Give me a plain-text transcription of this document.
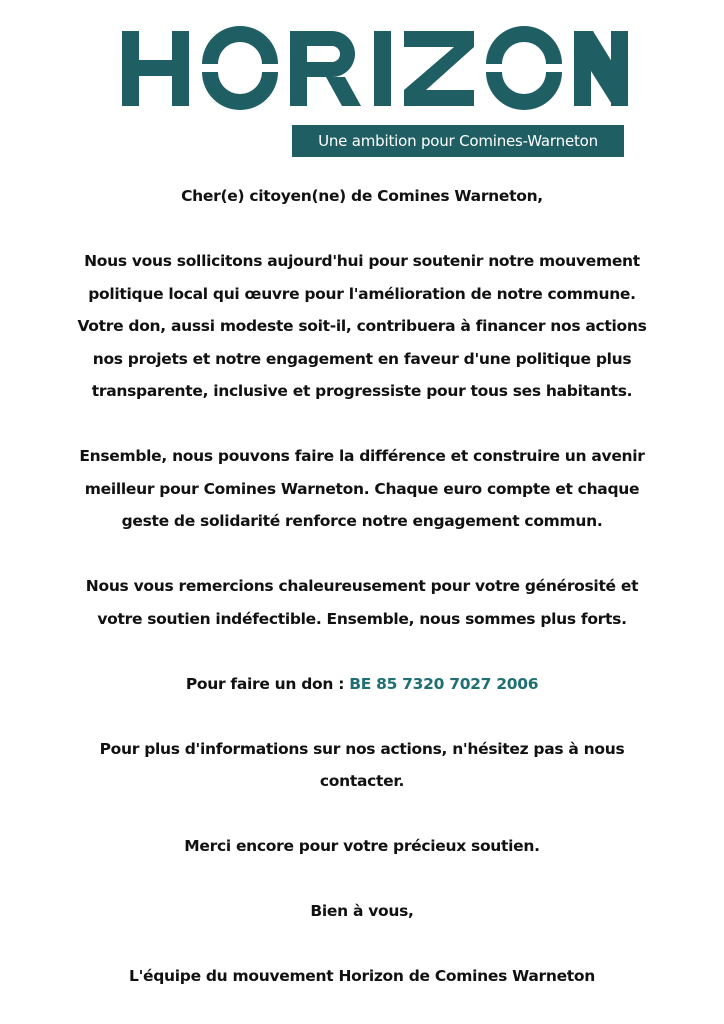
Une ambition pour Comines-Warneton

Cher(e) citoyen(ne) de Comines Warneton,

Nous vous sollicitons aujourd'hui pour soutenir notre mouvement
politique local qui œuvre pour l'amélioration de notre commune.
Votre don, aussi modeste soit-il, contribuera à financer nos actions
nos projets et notre engagement en faveur d'une politique plus
transparente, inclusive et progressiste pour tous ses habitants.

Ensemble, nous pouvons faire la différence et construire un avenir
meilleur pour Comines Warneton. Chaque euro compte et chaque
geste de solidarité renforce notre engagement commun.

Nous vous remercions chaleureusement pour votre générosité et
votre soutien indéfectible. Ensemble, nous sommes plus forts.

Pour faire un don : BE 85 7320 7027 2006

Pour plus d'informations sur nos actions, n'hésitez pas à nous
contacter.

Merci encore pour votre précieux soutien.

Bien à vous,

L'équipe du mouvement Horizon de Comines Warneton
